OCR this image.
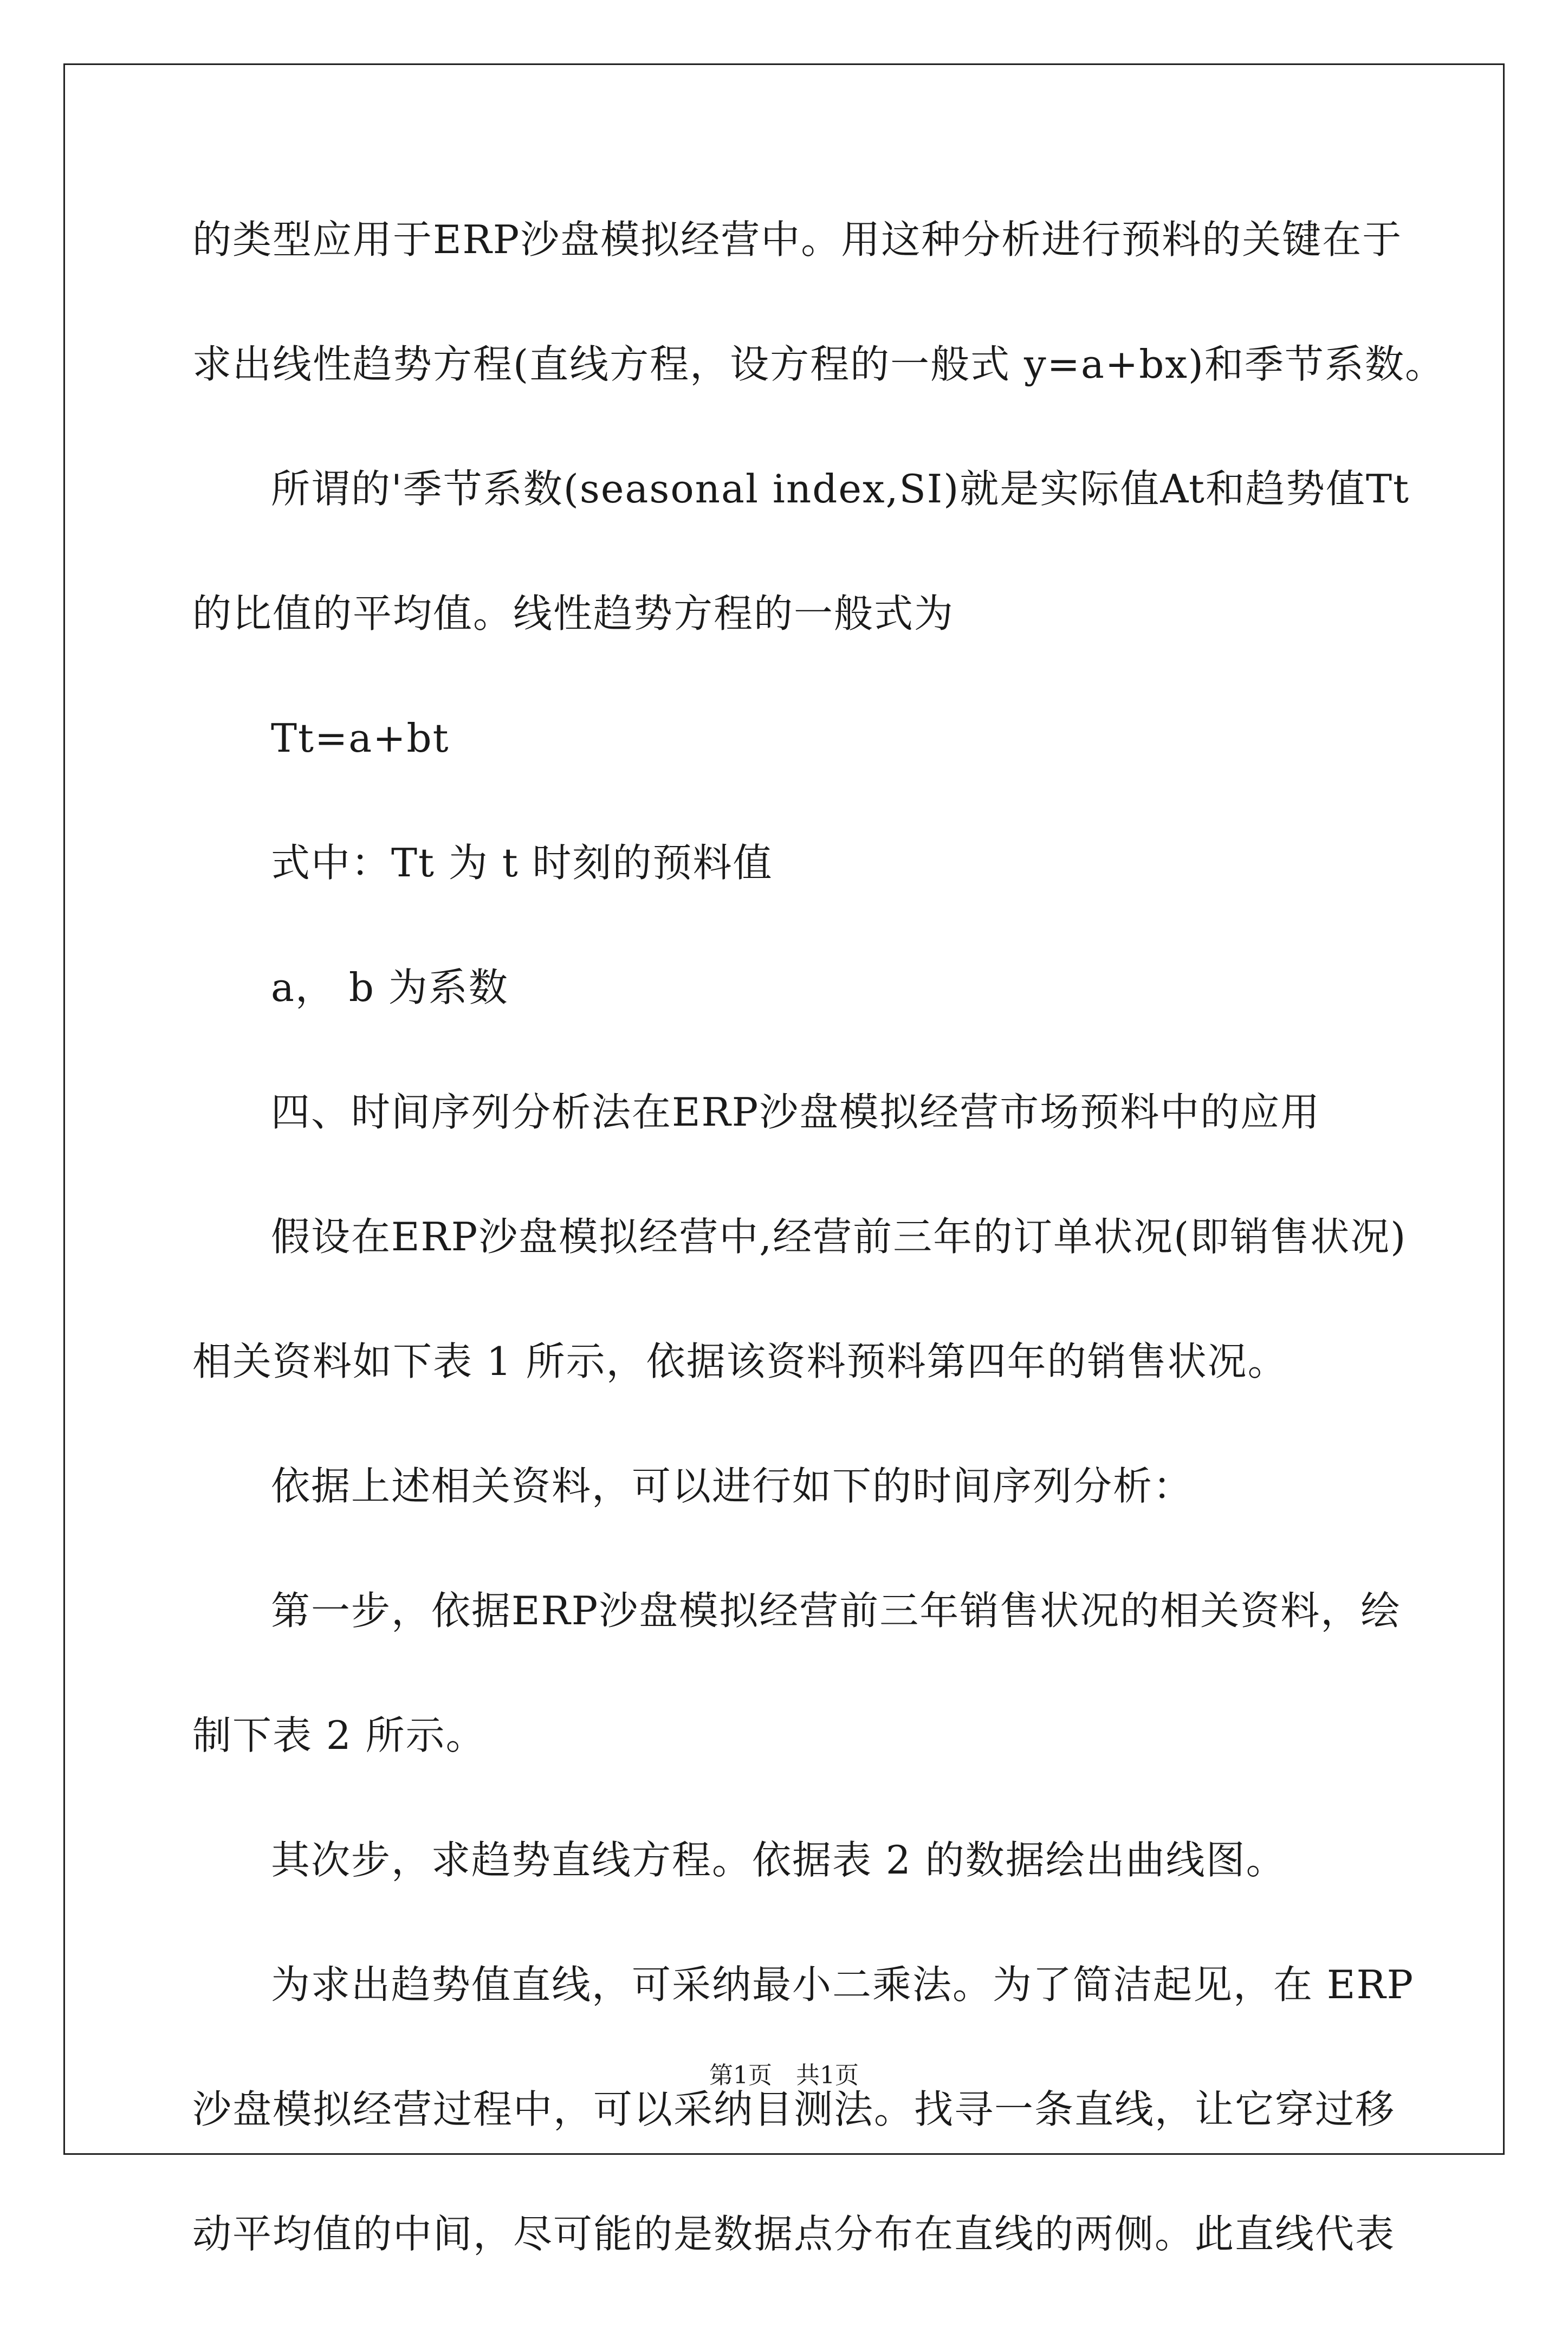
的类型应用于ERP沙盘模拟经营中。用这种分析进行预料的关键在于
求出线性趋势方程(直线方程，设方程的一般式 y=a+bx)和季节系数。
所谓的'季节系数(seasonal index,SI)就是实际值At和趋势值Tt
的比值的平均值。线性趋势方程的一般式为
Tt=a+bt
式中：Tt 为 t 时刻的预料值
a， b 为系数
四、时间序列分析法在ERP沙盘模拟经营市场预料中的应用
假设在ERP沙盘模拟经营中,经营前三年的订单状况(即销售状况)
相关资料如下表 1 所示，依据该资料预料第四年的销售状况。
依据上述相关资料，可以进行如下的时间序列分析：
第一步，依据ERP沙盘模拟经营前三年销售状况的相关资料，绘
制下表 2 所示。
其次步，求趋势直线方程。依据表 2 的数据绘出曲线图。
为求出趋势值直线，可采纳最小二乘法。为了简洁起见，在 ERP
沙盘模拟经营过程中，可以采纳目测法。找寻一条直线，让它穿过移
动平均值的中间，尽可能的是数据点分布在直线的两侧。此直线代表
第1页　共1页
